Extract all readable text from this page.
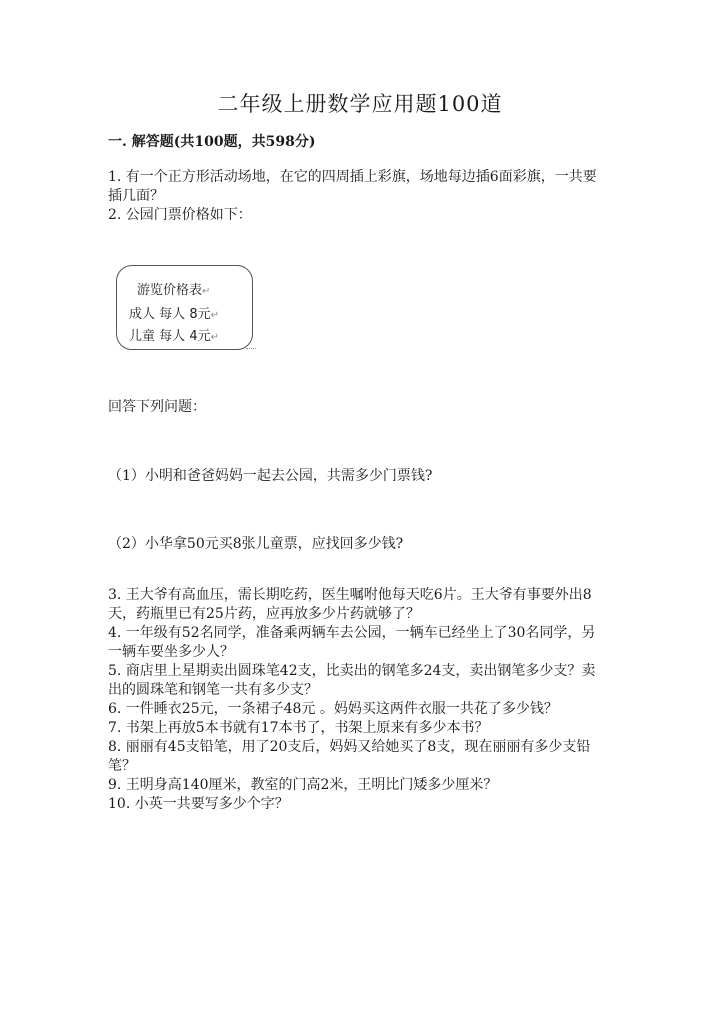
二年级上册数学应用题100道
一. 解答题(共100题，共598分)
1. 有一个正方形活动场地，在它的四周插上彩旗，场地每边插6面彩旗，一共要插几面？
2. 公园门票价格如下：
游览价格表↵
成人 每人 8元↵
儿童 每人 4元↵
回答下列问题：
（1）小明和爸爸妈妈一起去公园，共需多少门票钱?
（2）小华拿50元买8张儿童票，应找回多少钱?
3. 王大爷有高血压，需长期吃药，医生嘱咐他每天吃6片。王大爷有事要外出8天，药瓶里已有25片药，应再放多少片药就够了？
4. 一年级有52名同学，准备乘两辆车去公园，一辆车已经坐上了30名同学，另一辆车要坐多少人？
5. 商店里上星期卖出圆珠笔42支，比卖出的钢笔多24支，卖出钢笔多少支？卖出的圆珠笔和钢笔一共有多少支？
6. 一件睡衣25元，一条裙子48元 。妈妈买这两件衣服一共花了多少钱？
7. 书架上再放5本书就有17本书了，书架上原来有多少本书？
8. 丽丽有45支铅笔，用了20支后，妈妈又给她买了8支，现在丽丽有多少支铅笔？
9. 王明身高140厘米，教室的门高2米，王明比门矮多少厘米？
10. 小英一共要写多少个字？
